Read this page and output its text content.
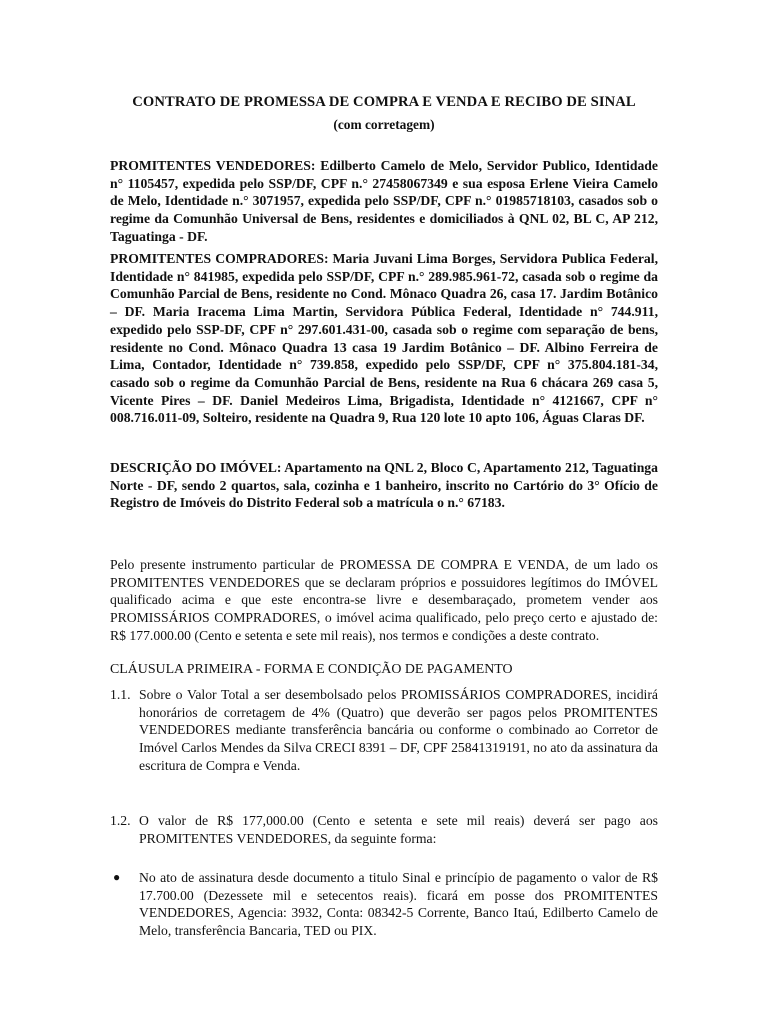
CONTRATO DE PROMESSA DE COMPRA E VENDA E RECIBO DE SINAL
(com corretagem)
PROMITENTES VENDEDORES: Edilberto Camelo de Melo, Servidor Publico, Identidade n° 1105457, expedida pelo SSP/DF, CPF n.° 27458067349 e sua esposa Erlene Vieira Camelo de Melo, Identidade n.° 3071957, expedida pelo SSP/DF, CPF n.° 01985718103, casados sob o regime da Comunhão Universal de Bens, residentes e domiciliados à QNL 02, BL C, AP 212, Taguatinga - DF.
PROMITENTES COMPRADORES: Maria Juvani Lima Borges, Servidora Publica Federal, Identidade n° 841985, expedida pelo SSP/DF, CPF n.° 289.985.961-72, casada sob o regime da Comunhão Parcial de Bens, residente no Cond. Mônaco Quadra 26, casa 17. Jardim Botânico – DF. Maria Iracema Lima Martin, Servidora Pública Federal, Identidade n° 744.911, expedido pelo SSP-DF, CPF n° 297.601.431-00, casada sob o regime com separação de bens, residente no Cond. Mônaco Quadra 13 casa 19 Jardim Botânico – DF. Albino Ferreira de Lima, Contador, Identidade n° 739.858, expedido pelo SSP/DF, CPF n° 375.804.181-34, casado sob o regime da Comunhão Parcial de Bens, residente na Rua 6 chácara 269 casa 5, Vicente Pires – DF. Daniel Medeiros Lima, Brigadista, Identidade n° 4121667, CPF n° 008.716.011-09, Solteiro, residente na Quadra 9, Rua 120 lote 10 apto 106, Águas Claras DF.
DESCRIÇÃO DO IMÓVEL: Apartamento na QNL 2, Bloco C, Apartamento 212, Taguatinga Norte - DF, sendo 2 quartos, sala, cozinha e 1 banheiro, inscrito no Cartório do 3° Ofício de Registro de Imóveis do Distrito Federal sob a matrícula o n.° 67183.
Pelo presente instrumento particular de PROMESSA DE COMPRA E VENDA, de um lado os PROMITENTES VENDEDORES que se declaram próprios e possuidores legítimos do IMÓVEL qualificado acima e que este encontra-se livre e desembaraçado, prometem vender aos PROMISSÁRIOS COMPRADORES, o imóvel acima qualificado, pelo preço certo e ajustado de: R$ 177.000.00 (Cento e setenta e sete mil reais), nos termos e condições a deste contrato.
CLÁUSULA PRIMEIRA - FORMA E CONDIÇÃO DE PAGAMENTO
1.1. Sobre o Valor Total a ser desembolsado pelos PROMISSÁRIOS COMPRADORES, incidirá honorários de corretagem de 4% (Quatro) que deverão ser pagos pelos PROMITENTES VENDEDORES mediante transferência bancária ou conforme o combinado ao Corretor de Imóvel Carlos Mendes da Silva CRECI 8391 – DF, CPF 25841319191, no ato da assinatura da escritura de Compra e Venda.
1.2. O valor de R$ 177,000.00 (Cento e setenta e sete mil reais) deverá ser pago aos PROMITENTES VENDEDORES, da seguinte forma:
● No ato de assinatura desde documento a titulo Sinal e princípio de pagamento o valor de R$ 17.700.00 (Dezessete mil e setecentos reais). ficará em posse dos PROMITENTES VENDEDORES, Agencia: 3932, Conta: 08342-5 Corrente, Banco Itaú, Edilberto Camelo de Melo, transferência Bancaria, TED ou PIX.
